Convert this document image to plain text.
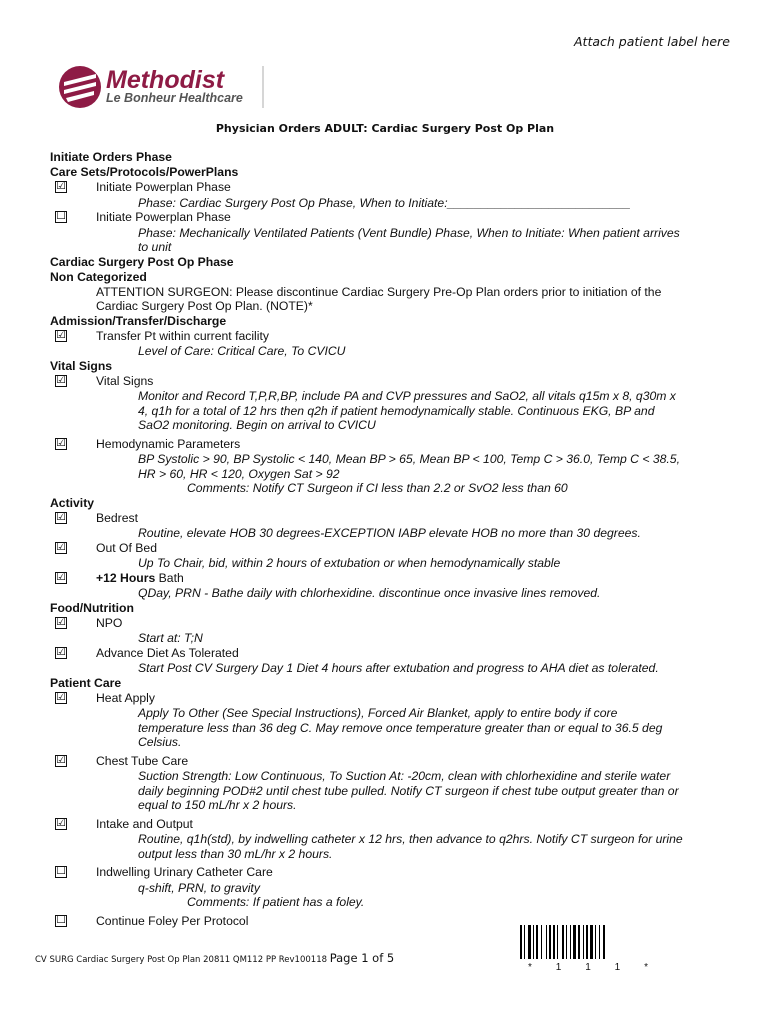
Attach patient label here
Methodist
Le Bonheur Healthcare
Physician Orders ADULT: Cardiac Surgery Post Op Plan
Initiate Orders Phase
Care Sets/Protocols/PowerPlans
☑ Initiate Powerplan Phase
Phase: Cardiac Surgery Post Op Phase, When to Initiate:___________________________
☐ Initiate Powerplan Phase
Phase: Mechanically Ventilated Patients (Vent Bundle) Phase, When to Initiate: When patient arrives
to unit
Cardiac Surgery Post Op Phase
Non Categorized
ATTENTION SURGEON: Please discontinue Cardiac Surgery Pre-Op Plan orders prior to initiation of the
Cardiac Surgery Post Op Plan. (NOTE)*
Admission/Transfer/Discharge
☑ Transfer Pt within current facility
Level of Care: Critical Care, To CVICU
Vital Signs
☑ Vital Signs
Monitor and Record T,P,R,BP, include PA and CVP pressures and SaO2, all vitals q15m x 8, q30m x
4, q1h for a total of 12 hrs then q2h if patient hemodynamically stable. Continuous EKG, BP and
SaO2 monitoring. Begin on arrival to CVICU
☑ Hemodynamic Parameters
BP Systolic > 90, BP Systolic < 140, Mean BP > 65, Mean BP < 100, Temp C > 36.0, Temp C < 38.5,
HR > 60, HR < 120, Oxygen Sat > 92
Comments: Notify CT Surgeon if CI less than 2.2 or SvO2 less than 60
Activity
☑ Bedrest
Routine, elevate HOB 30 degrees-EXCEPTION IABP elevate HOB no more than 30 degrees.
☑ Out Of Bed
Up To Chair, bid, within 2 hours of extubation or when hemodynamically stable
☑ +12 Hours Bath
QDay, PRN - Bathe daily with chlorhexidine. discontinue once invasive lines removed.
Food/Nutrition
☑ NPO
Start at: T;N
☑ Advance Diet As Tolerated
Start Post CV Surgery Day 1 Diet 4 hours after extubation and progress to AHA diet as tolerated.
Patient Care
☑ Heat Apply
Apply To Other (See Special Instructions), Forced Air Blanket, apply to entire body if core
temperature less than 36 deg C. May remove once temperature greater than or equal to 36.5 deg
Celsius.
☑ Chest Tube Care
Suction Strength: Low Continuous, To Suction At: -20cm, clean with chlorhexidine and sterile water
daily beginning POD#2 until chest tube pulled. Notify CT surgeon if chest tube output greater than or
equal to 150 mL/hr x 2 hours.
☑ Intake and Output
Routine, q1h(std), by indwelling catheter x 12 hrs, then advance to q2hrs. Notify CT surgeon for urine
output less than 30 mL/hr x 2 hours.
☐ Indwelling Urinary Catheter Care
q-shift, PRN, to gravity
Comments: If patient has a foley.
☐ Continue Foley Per Protocol
CV SURG Cardiac Surgery Post Op Plan 20811 QM112 PP Rev100118 Page 1 of 5
* 1 1 1 *
